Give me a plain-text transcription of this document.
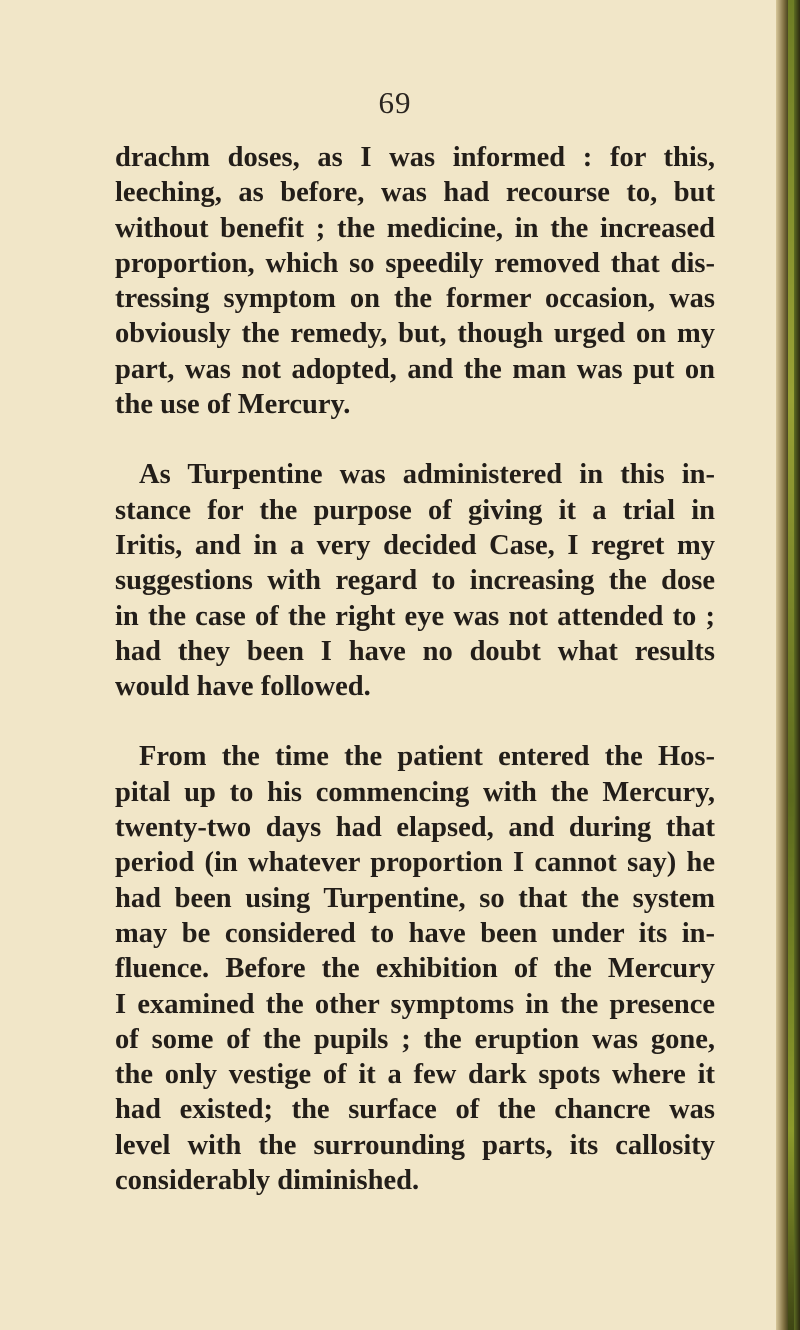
69
drachm doses, as I was informed : for this,
leeching, as before, was had recourse to, but
without benefit ; the medicine, in the increased
proportion, which so speedily removed that dis-
tressing symptom on the former occasion, was
obviously the remedy, but, though urged on my
part, was not adopted, and the man was put on
the use of Mercury.
As Turpentine was administered in this in-
stance for the purpose of giving it a trial in
Iritis, and in a very decided Case, I regret my
suggestions with regard to increasing the dose
in the case of the right eye was not attended to ;
had they been I have no doubt what results
would have followed.
From the time the patient entered the Hos-
pital up to his commencing with the Mercury,
twenty-two days had elapsed, and during that
period (in whatever proportion I cannot say) he
had been using Turpentine, so that the system
may be considered to have been under its in-
fluence. Before the exhibition of the Mercury
I examined the other symptoms in the presence
of some of the pupils ; the eruption was gone,
the only vestige of it a few dark spots where it
had existed; the surface of the chancre was
level with the surrounding parts, its callosity
considerably diminished.
